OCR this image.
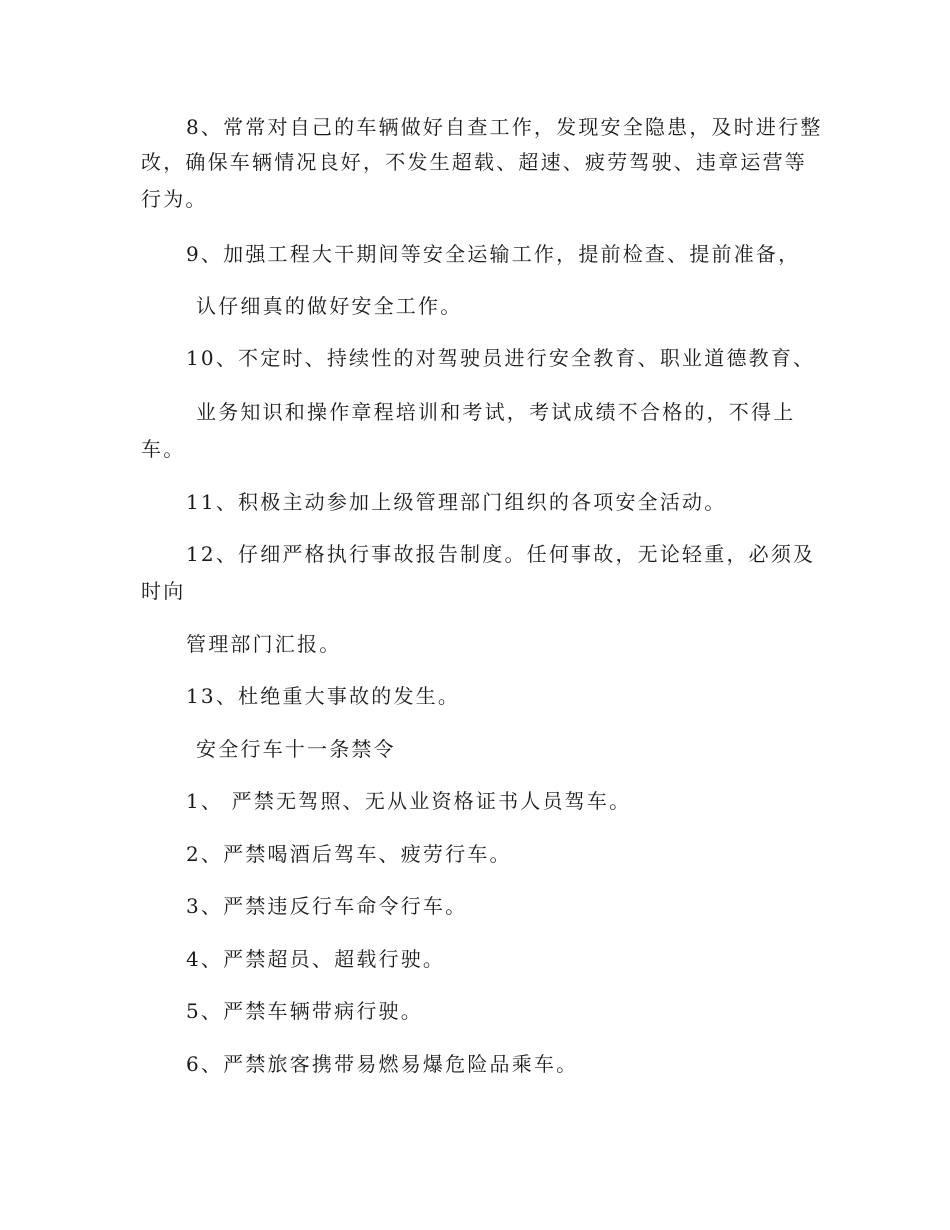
8、常常对自己的车辆做好自查工作，发现安全隐患，及时进行整

改，确保车辆情况良好，不发生超载、超速、疲劳驾驶、违章运营等

行为。

9、加强工程大干期间等安全运输工作，提前检查、提前准备，

认仔细真的做好安全工作。

10、不定时、持续性的对驾驶员进行安全教育、职业道德教育、

业务知识和操作章程培训和考试，考试成绩不合格的，不得上

车。

11、积极主动参加上级管理部门组织的各项安全活动。

12、仔细严格执行事故报告制度。任何事故，无论轻重，必须及

时向

管理部门汇报。

13、杜绝重大事故的发生。

安全行车十一条禁令

1、 严禁无驾照、无从业资格证书人员驾车。

2、严禁喝酒后驾车、疲劳行车。

3、严禁违反行车命令行车。

4、严禁超员、超载行驶。

5、严禁车辆带病行驶。

6、严禁旅客携带易燃易爆危险品乘车。
